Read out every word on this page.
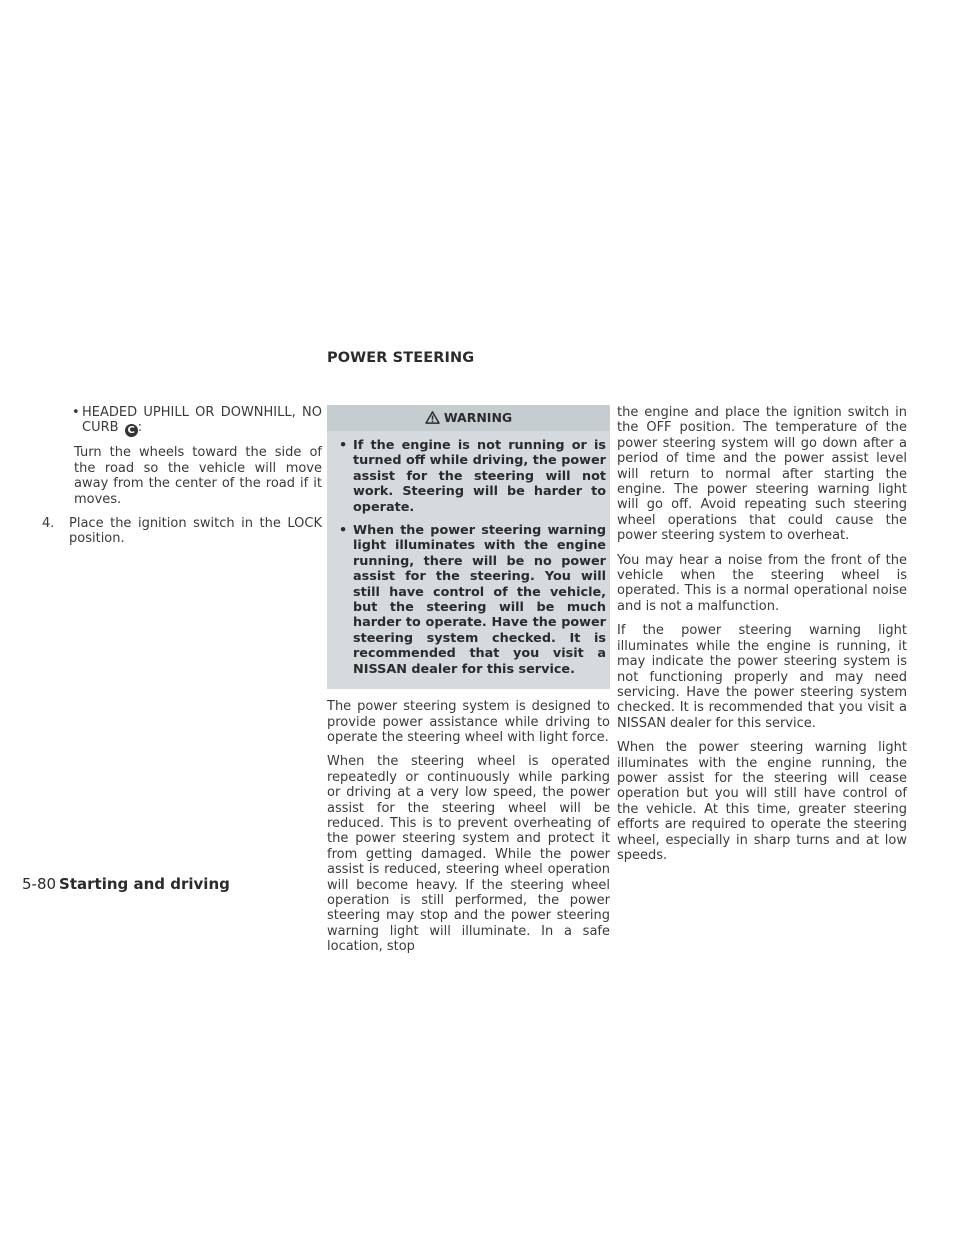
POWER STEERING
• HEADED UPHILL OR DOWNHILL, NO CURB C :

Turn the wheels toward the side of the road so the vehicle will move away from the center of the road if it moves.

4. Place the ignition switch in the LOCK position.
WARNING
• If the engine is not running or is turned off while driving, the power assist for the steering will not work. Steering will be harder to operate.
• When the power steering warning light illuminates with the engine running, there will be no power assist for the steering. You will still have control of the vehicle, but the steering will be much harder to operate. Have the power steering system checked. It is recommended that you visit a NISSAN dealer for this service.

The power steering system is designed to provide power assistance while driving to operate the steering wheel with light force.

When the steering wheel is operated repeatedly or continuously while parking or driving at a very low speed, the power assist for the steering wheel will be reduced. This is to prevent overheating of the power steering system and protect it from getting damaged. While the power assist is reduced, steering wheel operation will become heavy. If the steering wheel operation is still performed, the power steering may stop and the power steering warning light will illuminate. In a safe location, stop

the engine and place the ignition switch in the OFF position. The temperature of the power steering system will go down after a period of time and the power assist level will return to normal after starting the engine. The power steering warning light will go off. Avoid repeating such steering wheel operations that could cause the power steering system to overheat.

You may hear a noise from the front of the vehicle when the steering wheel is operated. This is a normal operational noise and is not a malfunction.

If the power steering warning light illuminates while the engine is running, it may indicate the power steering system is not functioning properly and may need servicing. Have the power steering system checked. It is recommended that you visit a NISSAN dealer for this service.

When the power steering warning light illuminates with the engine running, the power assist for the steering will cease operation but you will still have control of the vehicle. At this time, greater steering efforts are required to operate the steering wheel, especially in sharp turns and at low speeds.

5-80 Starting and driving
